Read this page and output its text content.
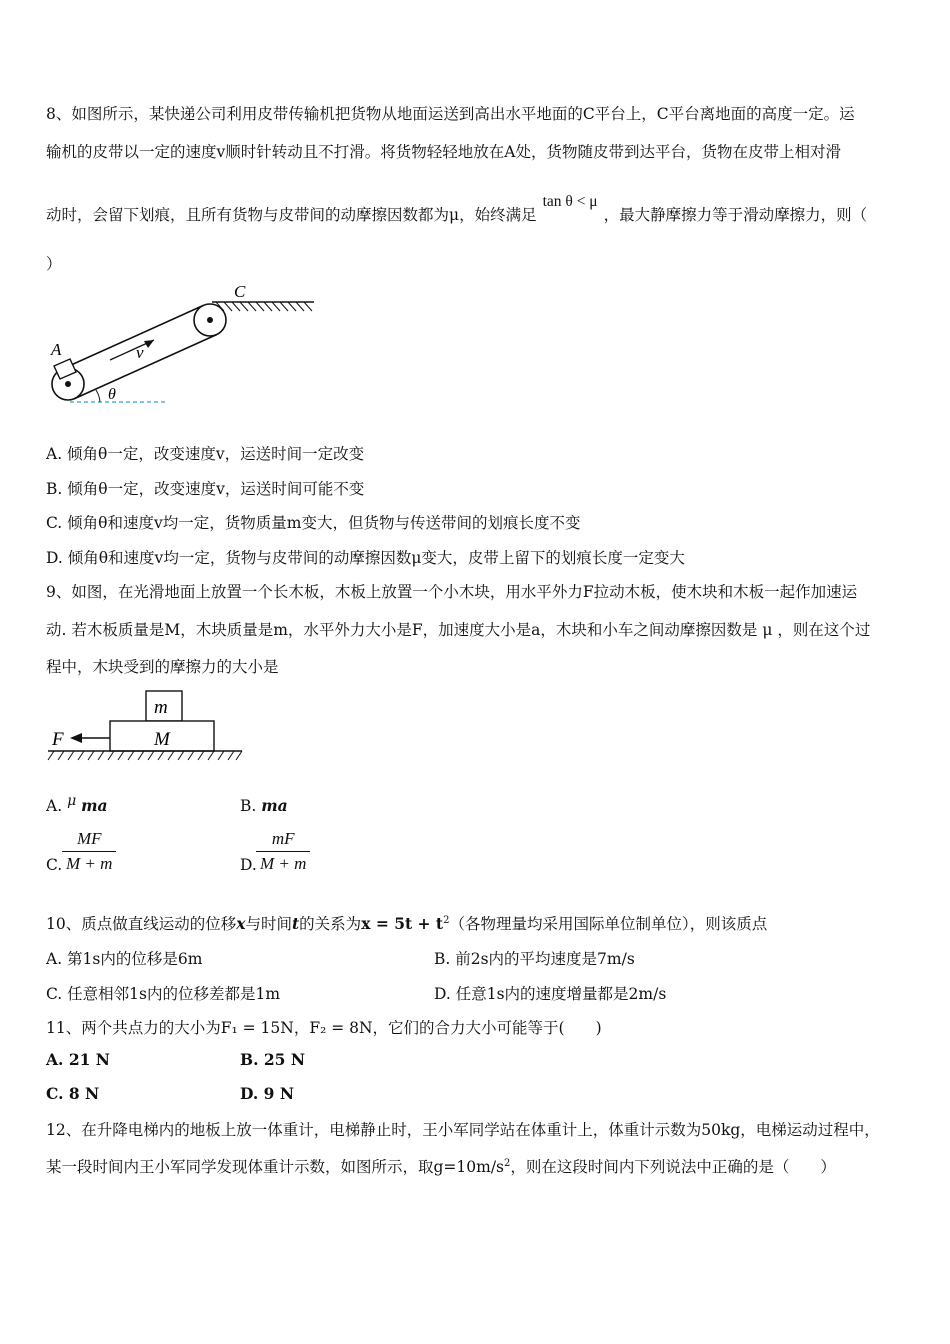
8、如图所示，某快递公司利用皮带传输机把货物从地面运送到高出水平地面的C平台上，C平台离地面的高度一定。运
输机的皮带以一定的速度v顺时针转动且不打滑。将货物轻轻地放在A处，货物随皮带到达平台，货物在皮带上相对滑
动时，会留下划痕，且所有货物与皮带间的动摩擦因数都为μ，始终满足tan θ < μ，最大静摩擦力等于滑动摩擦力，则（
）
A	v
C
θ
A. 倾角θ一定，改变速度v，运送时间一定改变
B. 倾角θ一定，改变速度v，运送时间可能不变
C. 倾角θ和速度v均一定，货物质量m变大，但货物与传送带间的划痕长度不变
D. 倾角θ和速度v均一定，货物与皮带间的动摩擦因数μ变大，皮带上留下的划痕长度一定变大
9、如图，在光滑地面上放置一个长木板，木板上放置一个小木块，用水平外力F拉动木板，使木块和木板一起作加速运
动. 若木板质量是M，木块质量是m，水平外力大小是F，加速度大小是a，木块和小车之间动摩擦因数是 μ ，则在这个过
程中，木块受到的摩擦力的大小是
m
M
F
A. μ ma	B. ma
C.
MF
M + m	D.
mF
M + m
10、质点做直线运动的位移x与时间t的关系为$x = 5t + t^2$（各物理量均采用国际单位制单位），则该质点
A. 第1s内的位移是6m	B. 前2s内的平均速度是7m/s
C. 任意相邻1s内的位移差都是1m	D. 任意1s内的速度增量都是2m/s
11、两个共点力的大小为F₁ = 15N，F₂ = 8N，它们的合力大小可能等于(　　)
A. 21 N	B. 25 N
C. 8 N	D. 9 N
12、在升降电梯内的地板上放一体重计，电梯静止时，王小军同学站在体重计上，体重计示数为50kg，电梯运动过程中，
某一段时间内王小军同学发现体重计示数，如图所示，取$g=10m/s^2$，则在这段时间内下列说法中正确的是（　　）
